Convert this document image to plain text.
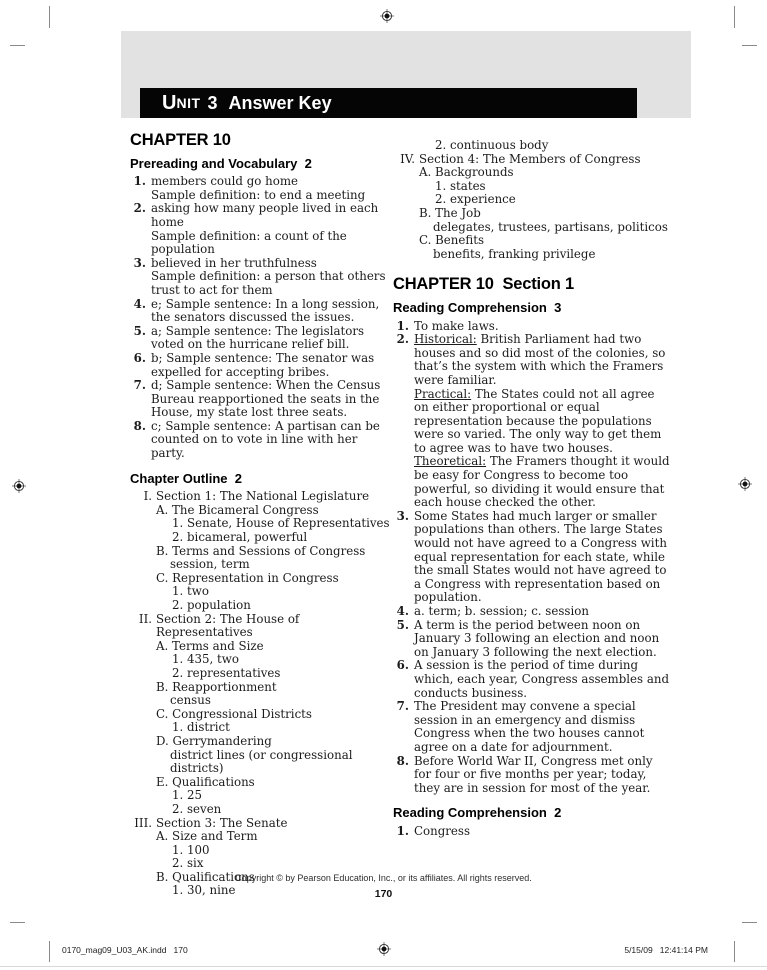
U NIT 3 Answer Key
CHAPTER 10
Prereading and Vocabulary  2
1. members could go home
Sample definition: to end a meeting
2. asking how many people lived in each home
Sample definition: a count of the population
3. believed in her truthfulness
Sample definition: a person that others trust to act for them
4. e; Sample sentence: In a long session, the senators discussed the issues.
5. a; Sample sentence: The legislators voted on the hurricane relief bill.
6. b; Sample sentence: The senator was expelled for accepting bribes.
7. d; Sample sentence: When the Census Bureau reapportioned the seats in the House, my state lost three seats.
8. c; Sample sentence: A partisan can be counted on to vote in line with her party.
Chapter Outline  2
I. Section 1: The National Legislature
A. The Bicameral Congress
1. Senate, House of Representatives
2. bicameral, powerful
B. Terms and Sessions of Congress
session, term
C. Representation in Congress
1. two
2. population
II. Section 2: The House of Representatives
A. Terms and Size
1. 435, two
2. representatives
B. Reapportionment
census
C. Congressional Districts
1. district
D. Gerrymandering
district lines (or congressional districts)
E. Qualifications
1. 25
2. seven
III. Section 3: The Senate
A. Size and Term
1. 100
2. six
B. Qualifications
1. 30, nine
2. continuous body
IV. Section 4: The Members of Congress
A. Backgrounds
1. states
2. experience
B. The Job
delegates, trustees, partisans, politicos
C. Benefits
benefits, franking privilege
CHAPTER 10  Section 1
Reading Comprehension  3
1. To make laws.
2. Historical: British Parliament had two houses and so did most of the colonies, so that’s the system with which the Framers were familiar.
Practical: The States could not all agree on either proportional or equal representation because the populations were so varied. The only way to get them to agree was to have two houses.
Theoretical: The Framers thought it would be easy for Congress to become too powerful, so dividing it would ensure that each house checked the other.
3. Some States had much larger or smaller populations than others. The large States would not have agreed to a Congress with equal representation for each state, while the small States would not have agreed to a Congress with representation based on population.
4. a. term; b. session; c. session
5. A term is the period between noon on January 3 following an election and noon on January 3 following the next election.
6. A session is the period of time during which, each year, Congress assembles and conducts business.
7. The President may convene a special session in an emergency and dismiss Congress when the two houses cannot agree on a date for adjournment.
8. Before World War II, Congress met only for four or five months per year; today, they are in session for most of the year.
Reading Comprehension  2
1. Congress
Copyright © by Pearson Education, Inc., or its affiliates. All rights reserved.
170
0170_mag09_U03_AK.indd   170	5/15/09   12:41:14 PM
